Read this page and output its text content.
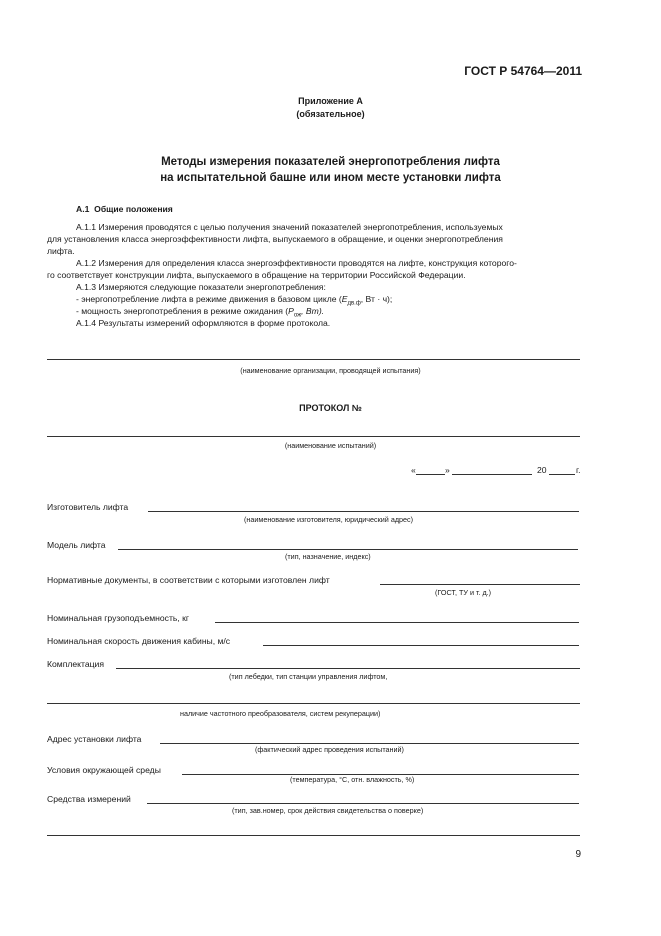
ГОСТ Р 54764—2011
Приложение А
(обязательное)
Методы измерения показателей энергопотребления лифта
на испытательной башне или ином месте установки лифта
А.1 Общие положения
А.1.1 Измерения проводятся с целью получения значений показателей энергопотребления, используемых
для установления класса энергоэффективности лифта, выпускаемого в обращение, и оценки энергопотребления
лифта.
А.1.2 Измерения для определения класса энергоэффективности проводятся на лифте, конструкция которого-
го соответствует конструкции лифта, выпускаемого в обращение на территории Российской Федерации.
А.1.3 Измеряются следующие показатели энергопотребления:
- энергопотребление лифта в режиме движения в базовом цикле ($E_{дв.ф}$, Вт · ч);
- мощность энергопотребления в режиме ожидания ($P_{ож}$, Вт).
А.1.4 Результаты измерений оформляются в форме протокола.
(наименование организации, проводящей испытания)
ПРОТОКОЛ №
(наименование испытаний)
«	»	20	г.
Изготовитель лифта
(наименование изготовителя, юридический адрес)
Модель лифта
(тип, назначение, индекс)
Нормативные документы, в соответствии с которыми изготовлен лифт
(ГОСТ, ТУ и т. д.)
Номинальная грузоподъемность, кг
Номинальная скорость движения кабины, м/с
Комплектация
(тип лебедки, тип станции управления лифтом,
наличие частотного преобразователя, систем рекуперации)
Адрес установки лифта
(фактический адрес проведения испытаний)
Условия окружающей среды
(температура, °С, отн. влажность, %)
Средства измерений
(тип, зав.номер, срок действия свидетельства о поверке)
9
